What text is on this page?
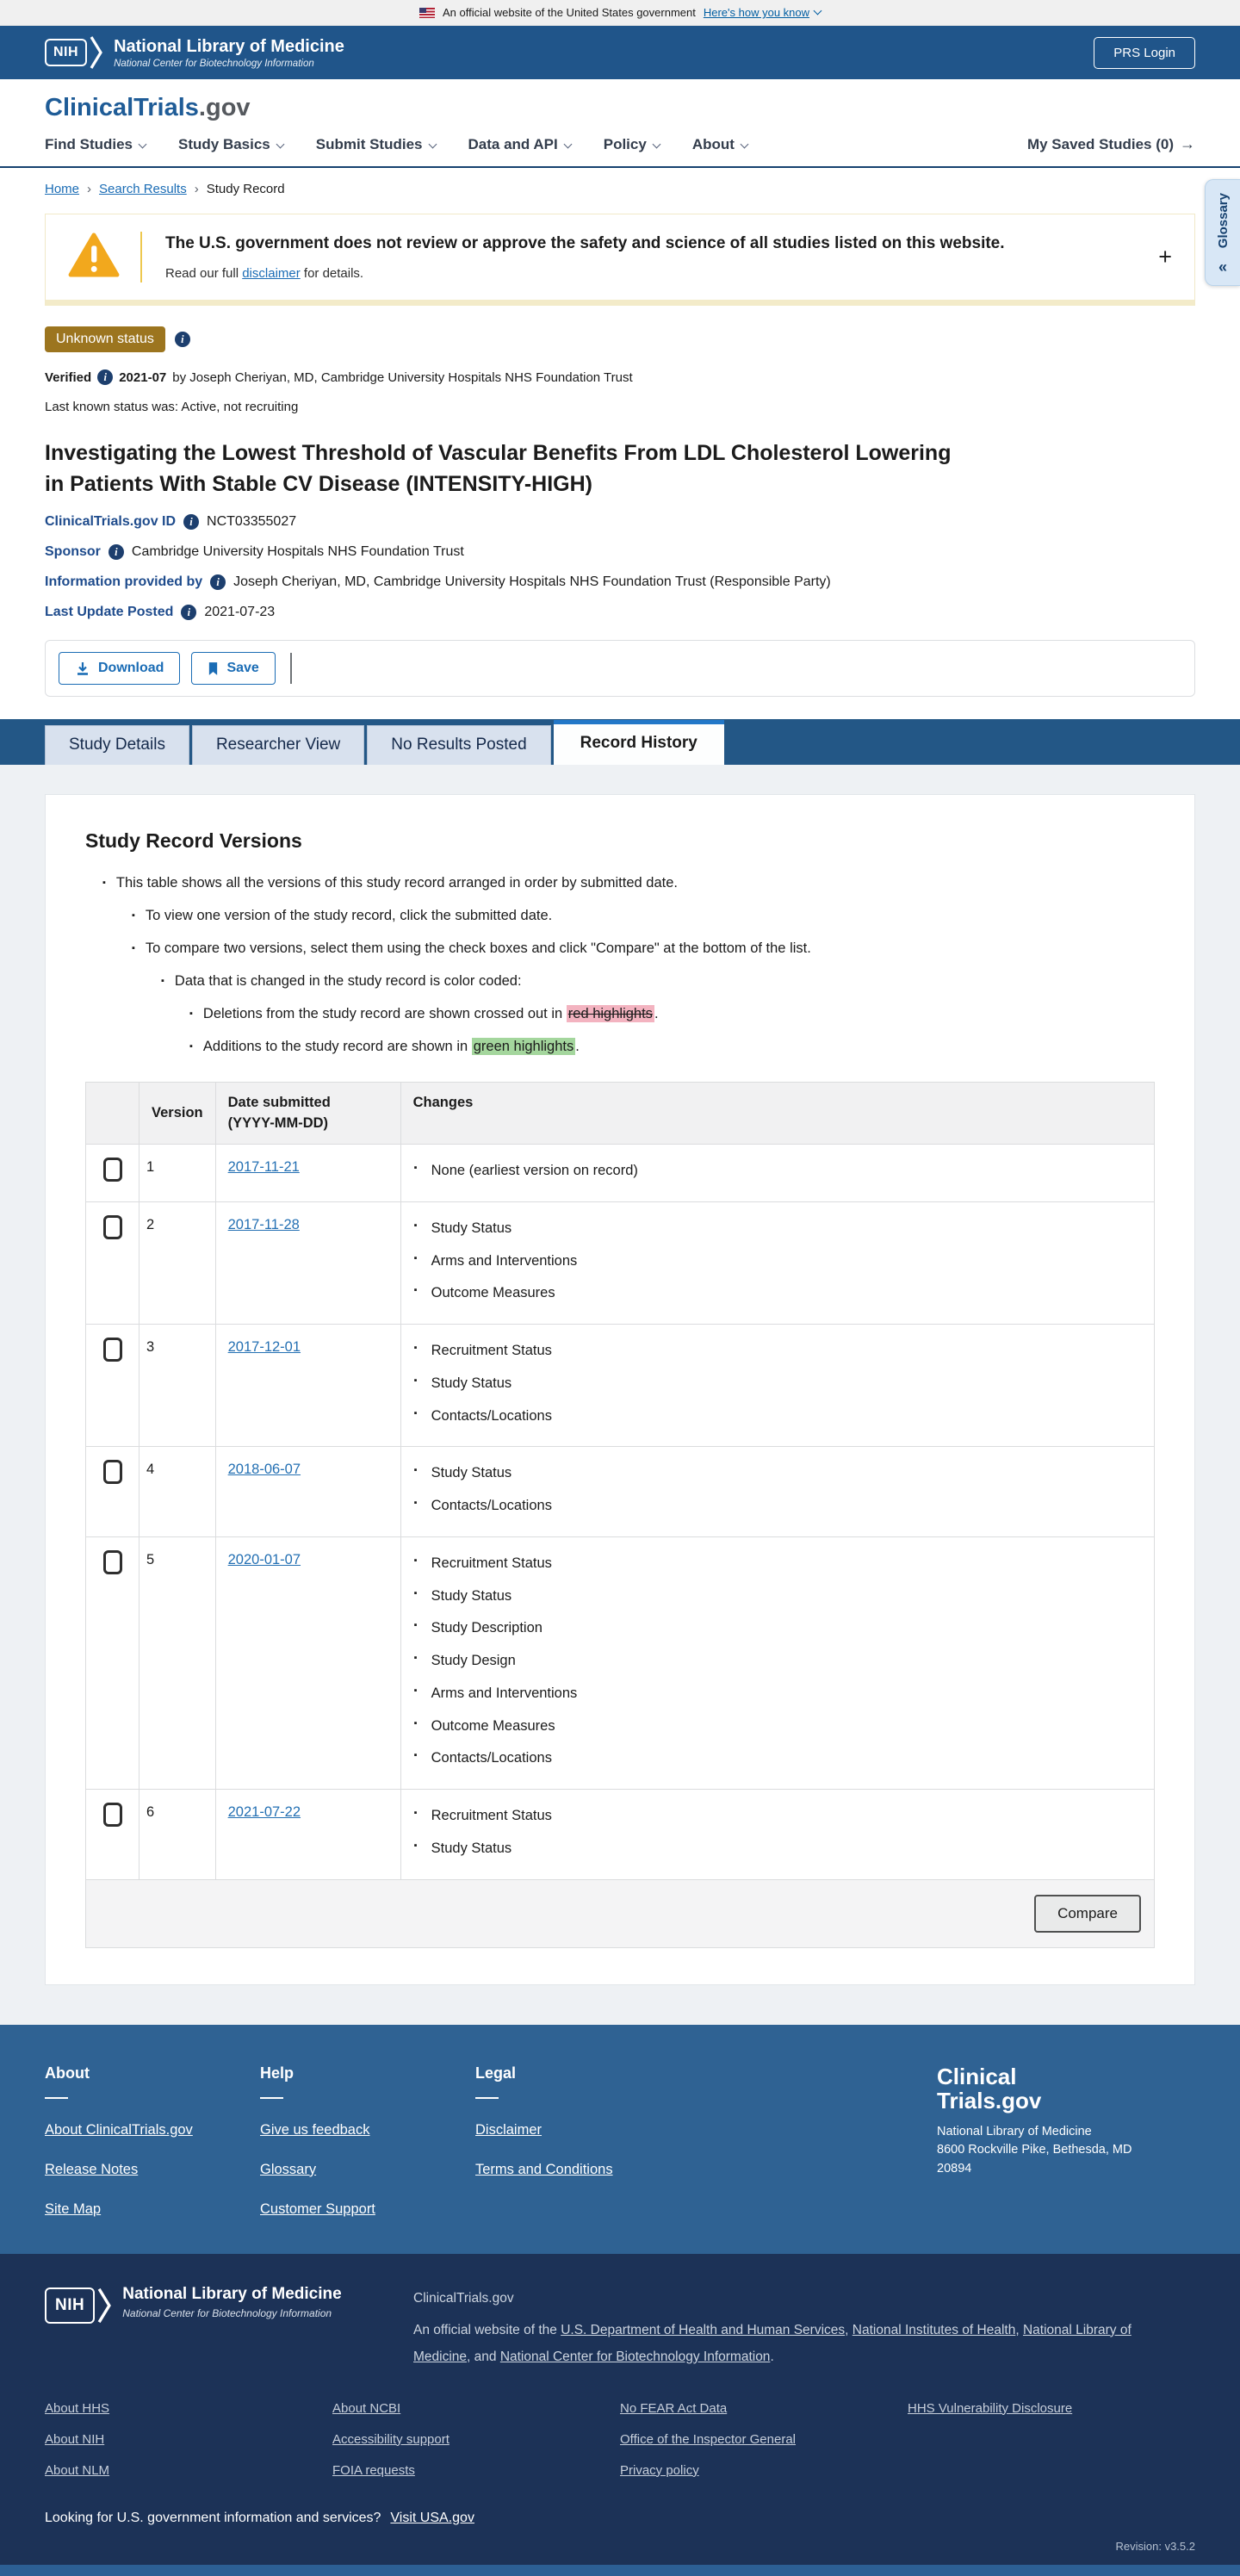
An official website of the United States government Here's how you know
NIH	National Library of Medicine
National Center for Biotechnology Information
PRS Login
ClinicalTrials.gov
My Saved Studies (0) →
Find Studies	Study Basics	Submit Studies	Data and API	Policy	About
Home › Search Results › Study Record
Glossary
«
The U.S. government does not review or approve the safety and science of all studies listed on this website.
Read our full disclaimer for details.
+
Unknown status	i
Verified	i 2021-07 by Joseph Cheriyan, MD, Cambridge University Hospitals NHS Foundation Trust
Last known status was: Active, not recruiting
Investigating the Lowest Threshold of Vascular Benefits From LDL Cholesterol Lowering in Patients With Stable CV Disease (INTENSITY-HIGH)
ClinicalTrials.gov ID	i	NCT03355027
Sponsor	i	Cambridge University Hospitals NHS Foundation Trust
Information provided by	i	Joseph Cheriyan, MD, Cambridge University Hospitals NHS Foundation Trust (Responsible Party)
Last Update Posted	i	2021-07-23
Download	Save
Study Details	Researcher View	No Results Posted	Record History
Study Record Versions
▪ This table shows all the versions of this study record arranged in order by submitted date.
▪ To view one version of the study record, click the submitted date.
▪ To compare two versions, select them using the check boxes and click "Compare" at the bottom of the list.
▪ Data that is changed in the study record is color coded:
▪ Deletions from the study record are shown crossed out in red highlights .
▪ Additions to the study record are shown in green highlights .
	Version	Date submitted
(YYYY-MM-DD)	Changes

	1	2017-11-21	
▪None (earliest version on record)

	2	2017-11-28	
▪Study Status
▪ Arms and Interventions
▪ Outcome Measures

	3	2017-12-01	
▪Recruitment Status
▪ Study Status
▪ Contacts/Locations

	4	2018-06-07	
▪Study Status
▪ Contacts/Locations

	5	2020-01-07	
▪Recruitment Status
▪ Study Status
▪ Study Description
▪ Study Design
▪ Arms and Interventions
▪ Outcome Measures
▪ Contacts/Locations

	6	2021-07-22	
▪Recruitment Status
▪ Study Status

Compare			
Clinical
Trials.gov
National Library of Medicine
8600 Rockville Pike, Bethesda, MD
20894
About
About ClinicalTrials.gov
Release Notes
Site Map
Help
Give us feedback
Glossary
Customer Support
Legal
Disclaimer
Terms and Conditions
NIH
National Library of Medicine
National Center for Biotechnology Information
ClinicalTrials.gov

An official website of the U.S. Department of Health and Human Services, National Institutes of Health, National Library of Medicine, and National Center for Biotechnology Information.

About HHS
About NIH
About NLM
About NCBI
Accessibility support
FOIA requests
No FEAR Act Data
Office of the Inspector General
Privacy policy
HHS Vulnerability Disclosure
Looking for U.S. government information and services? Visit USA.gov
Revision: v3.5.2
